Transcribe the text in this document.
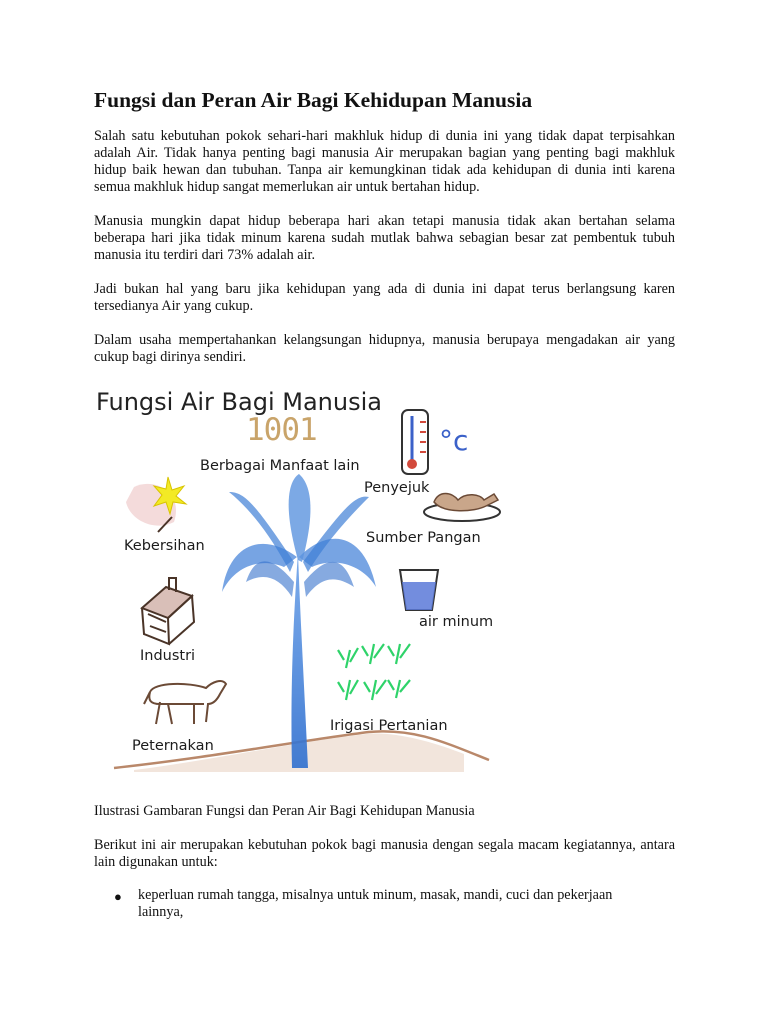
Fungsi dan Peran Air Bagi Kehidupan Manusia

Salah satu kebutuhan pokok sehari-hari makhluk hidup di dunia ini yang tidak dapat terpisahkan adalah Air. Tidak hanya penting bagi manusia Air merupakan bagian yang penting bagi makhluk hidup baik hewan dan tubuhan. Tanpa air kemungkinan tidak ada kehidupan di dunia inti karena semua makhluk hidup sangat memerlukan air untuk bertahan hidup.

Manusia mungkin dapat hidup beberapa hari akan tetapi manusia tidak akan bertahan selama beberapa hari jika tidak minum karena sudah mutlak bahwa sebagian besar zat pembentuk tubuh manusia itu terdiri dari 73% adalah air.

Jadi bukan hal yang baru jika kehidupan yang ada di dunia ini dapat terus berlangsung karen tersedianya Air yang cukup.

Dalam usaha mempertahankan kelangsungan hidupnya, manusia berupaya mengadakan air yang cukup bagi dirinya sendiri.

Ilustrasi Gambaran Fungsi dan Peran Air Bagi Kehidupan Manusia

Berikut ini air merupakan kebutuhan pokok bagi manusia dengan segala macam kegiatannya, antara lain digunakan untuk:

● keperluan rumah tangga, misalnya untuk minum, masak, mandi, cuci dan pekerjaan lainnya,
Fungsi Air Bagi Manusia
1001	°c
Berbagai Manfaat lain
Penyejuk
Kebersihan	Sumber Pangan
air minum
Industri
Peternakan
Irigasi Pertanian
